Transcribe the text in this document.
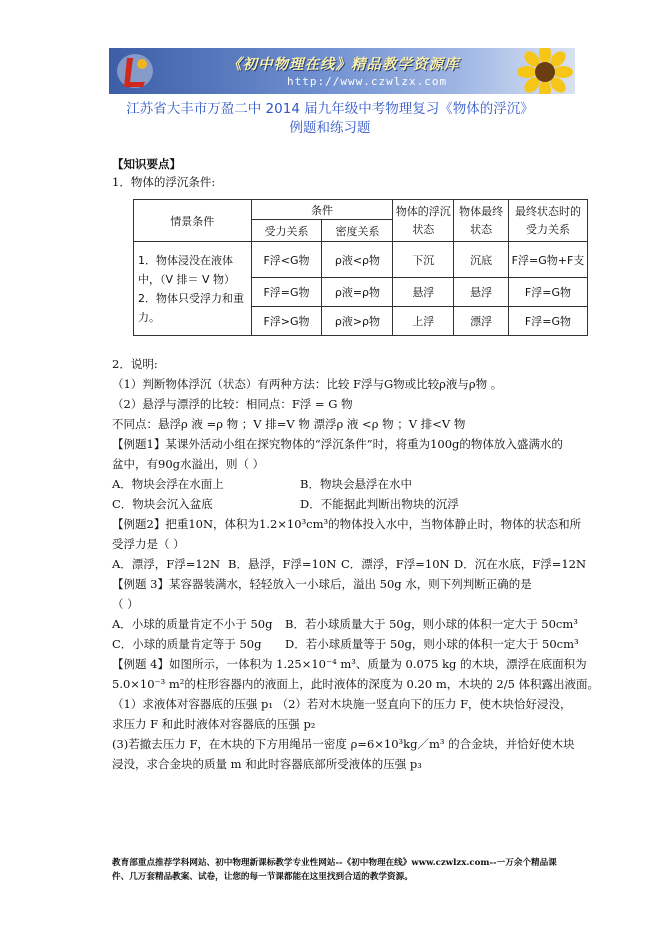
《初中物理在线》精品教学资源库
http://www.czwlzx.com
江苏省大丰市万盈二中 2014 届九年级中考物理复习《物体的浮沉》
例题和练习题
【知识要点】
1．物体的浮沉条件:
情景条件	条件		物体的浮沉状态	物体最终状态	最终状态时的受力关系
	受力关系	密度关系			
1．物体浸没在液体中，（V 排＝ V 物）2．物体只受浮力和重力。	F浮<G物	ρ液<ρ物	下沉	沉底	F浮=G物+F支
	F浮=G物	ρ液=ρ物	悬浮	悬浮	F浮=G物
	F浮>G物	ρ液>ρ物	上浮	漂浮	F浮=G物
2．说明:
（1）判断物体浮沉（状态）有两种方法：比较 F浮与G物或比较ρ液与ρ物 。
（2）悬浮与漂浮的比较：相同点：F浮 = G 物
不同点：悬浮ρ 液 =ρ 物 ；V 排=V 物 漂浮ρ 液 <ρ 物 ；V 排<V 物
【例题1】某课外活动小组在探究物体的“浮沉条件”时，将重为100g的物体放入盛满水的
盆中，有90g水溢出，则（ ）
A．物块会浮在水面上	B．物块会悬浮在水中
C．物块会沉入盆底	D．不能据此判断出物块的沉浮
【例题2】把重10N，体积为1.2×10³cm³的物体投入水中，当物体静止时，物体的状态和所
受浮力是（ ）
A．漂浮，F浮=12N B．悬浮，F浮=10N C．漂浮，F浮=10N D．沉在水底，F浮=12N
【例题 3】某容器装满水，轻轻放入一小球后，溢出 50g 水，则下列判断正确的是
（ ）
A．小球的质量肯定不小于 50g B．若小球质量大于 50g，则小球的体积一定大于 50cm³
C．小球的质量肯定等于 50g D．若小球质量等于 50g，则小球的体积一定大于 50cm³
【例题 4】如图所示，一体积为 1.25×10⁻⁴ m³、质量为 0.075 kg 的木块，漂浮在底面积为
5.0×10⁻³ m²的柱形容器内的液面上，此时液体的深度为 0.20 m，木块的 2/5 体积露出液面。
（1）求液体对容器底的压强 p₁ （2）若对木块施一竖直向下的压力 F，使木块恰好浸没，
求压力 F 和此时液体对容器底的压强 p₂
(3)若撤去压力 F，在木块的下方用绳吊一密度 ρ=6×10³kg／m³ 的合金块，并恰好使木块
浸没，求合金块的质量 m 和此时容器底部所受液体的压强 p₃
教育部重点推荐学科网站、初中物理新课标教学专业性网站--《初中物理在线》www.czwlzx.com--一万余个精品课件、几万套精品教案、试卷，让您的每一节课都能在这里找到合适的教学资源。
